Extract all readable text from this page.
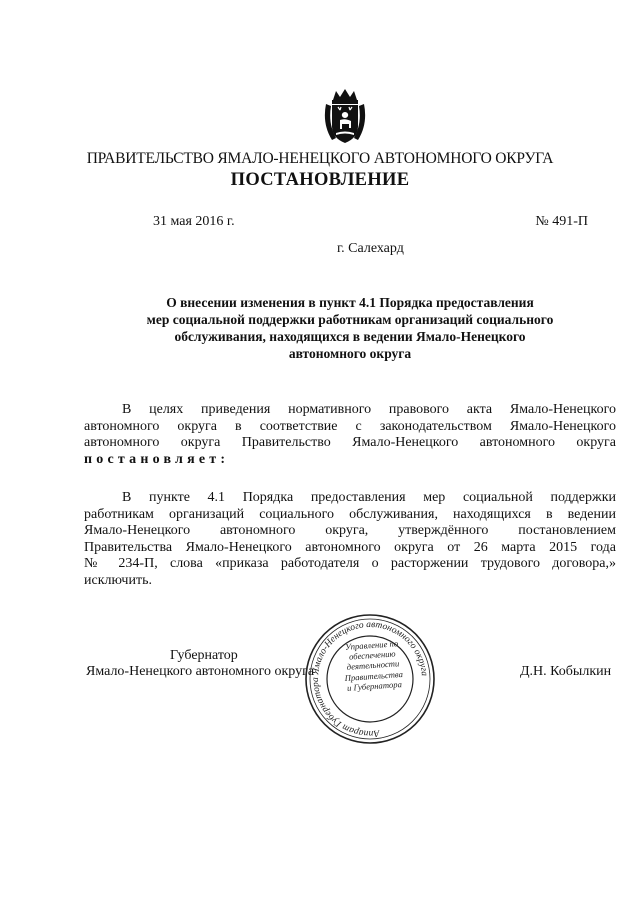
ПРАВИТЕЛЬСТВО ЯМАЛО-НЕНЕЦКОГО АВТОНОМНОГО ОКРУГА
ПОСТАНОВЛЕНИЕ
31 мая 2016 г.	№ 491-П
г. Салехард
О внесении изменения в пункт 4.1 Порядка предоставления
мер социальной поддержки работникам организаций социального
обслуживания, находящихся в ведении Ямало-Ненецкого
автономного округа
В целях приведения нормативного правового акта Ямало-Ненецкого
автономного округа в соответствие с законодательством Ямало-Ненецкого
автономного округа Правительство Ямало-Ненецкого автономного округа
постановляет:
В пункте 4.1 Порядка предоставления мер социальной поддержки
работникам организаций социального обслуживания, находящихся в ведении
Ямало-Ненецкого автономного округа, утверждённого постановлением
Правительства Ямало-Ненецкого автономного округа от 26 марта 2015 года
№ 234-П, слова «приказа работодателя о расторжении трудового договора,»
исключить.
Губернатор
Ямало-Ненецкого автономного округа	Д.Н. Кобылкин
Аппарат Губернатора Ямало-Ненецкого автономного округа
Управление по
обеспечению
деятельности
Правительства
и Губернатора
